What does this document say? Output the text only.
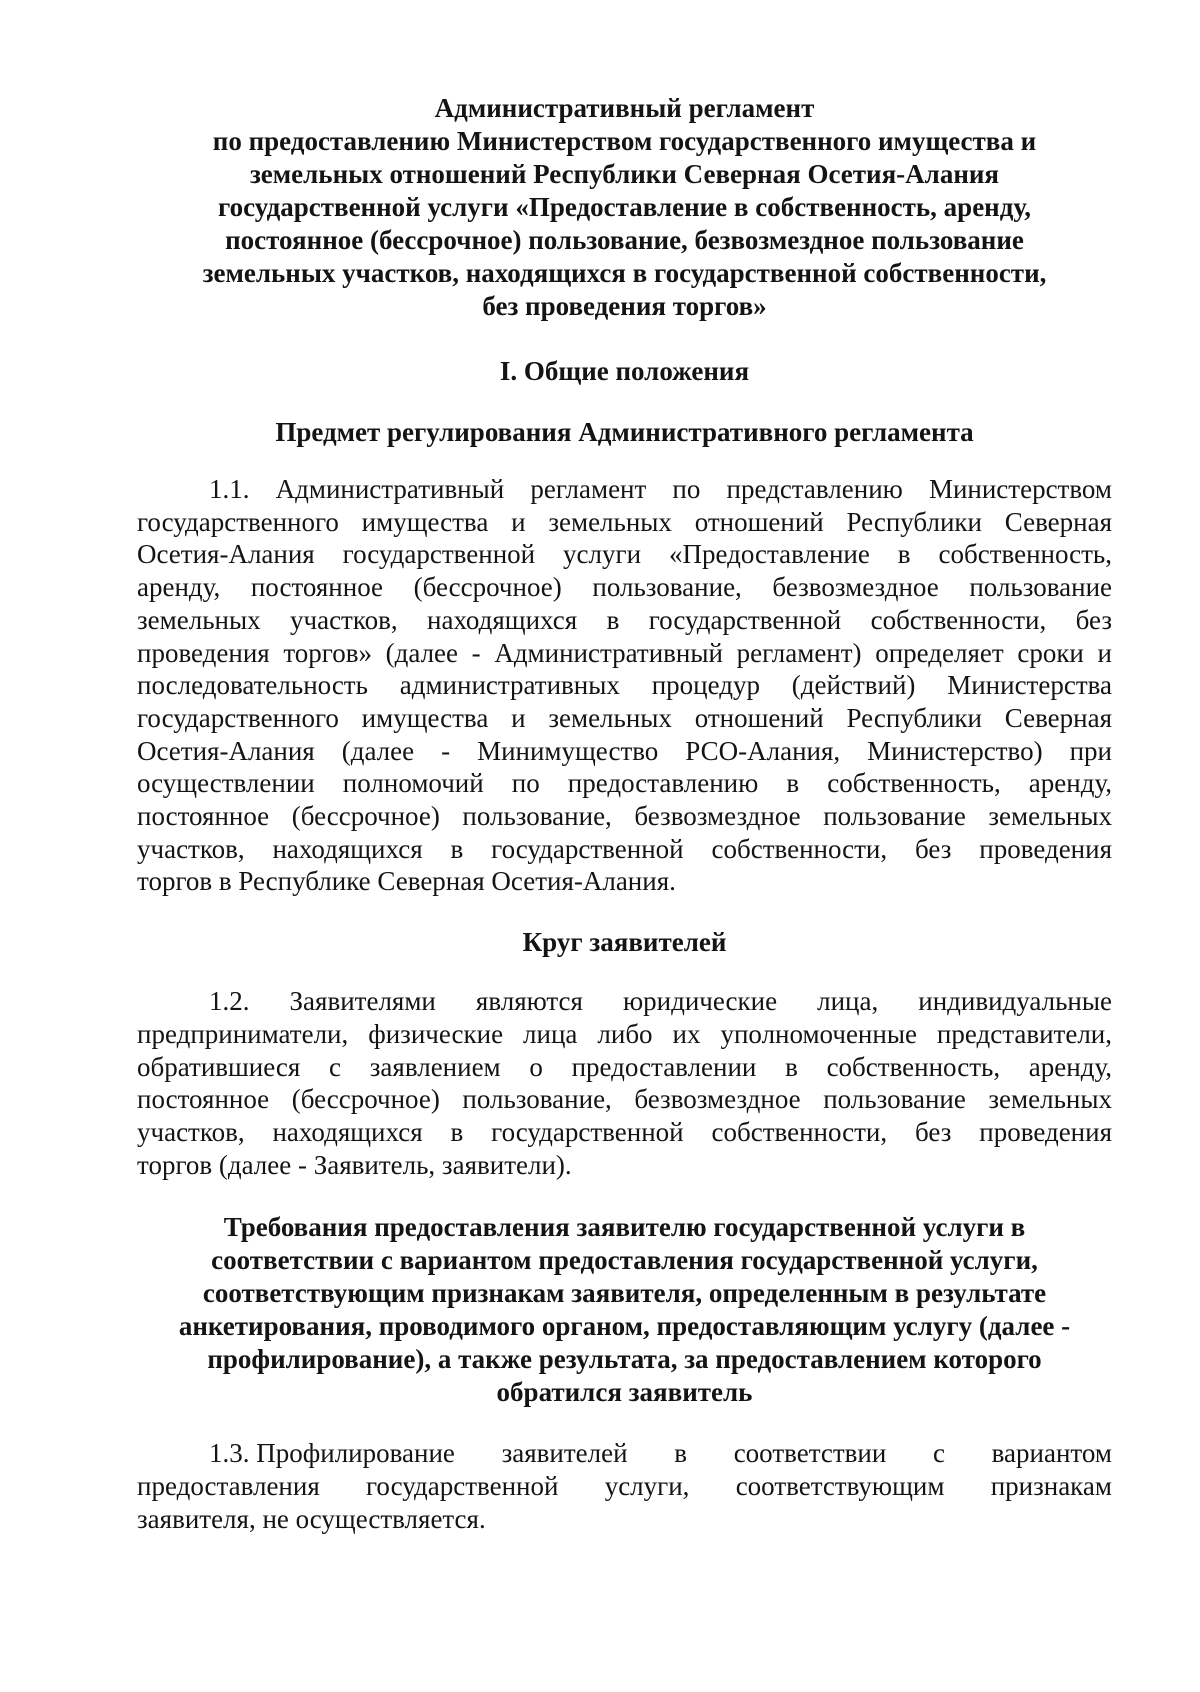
Административный регламент
по предоставлению Министерством государственного имущества и
земельных отношений Республики Северная Осетия-Алания
государственной услуги «Предоставление в собственность, аренду,
постоянное (бессрочное) пользование, безвозмездное пользование
земельных участков, находящихся в государственной собственности,
без проведения торгов»
I. Общие положения
Предмет регулирования Административного регламента
1.1. Административный регламент по представлению Министерством
государственного имущества и земельных отношений Республики Северная
Осетия-Алания государственной услуги «Предоставление в собственность,
аренду, постоянное (бессрочное) пользование, безвозмездное пользование
земельных участков, находящихся в государственной собственности, без
проведения торгов» (далее - Административный регламент) определяет сроки и
последовательность административных процедур (действий) Министерства
государственного имущества и земельных отношений Республики Северная
Осетия-Алания (далее - Минимущество РСО-Алания, Министерство) при
осуществлении полномочий по предоставлению в собственность, аренду,
постоянное (бессрочное) пользование, безвозмездное пользование земельных
участков, находящихся в государственной собственности, без проведения
торгов в Республике Северная Осетия-Алания.
Круг заявителей
1.2. Заявителями являются юридические лица, индивидуальные
предприниматели, физические лица либо их уполномоченные представители,
обратившиеся с заявлением о предоставлении в собственность, аренду,
постоянное (бессрочное) пользование, безвозмездное пользование земельных
участков, находящихся в государственной собственности, без проведения
торгов (далее - Заявитель, заявители).
Требования предоставления заявителю государственной услуги в
соответствии с вариантом предоставления государственной услуги,
соответствующим признакам заявителя, определенным в результате
анкетирования, проводимого органом, предоставляющим услугу (далее -
профилирование), а также результата, за предоставлением которого
обратился заявитель
1.3. Профилирование заявителей в соответствии с вариантом
предоставления государственной услуги, соответствующим признакам
заявителя, не осуществляется.
